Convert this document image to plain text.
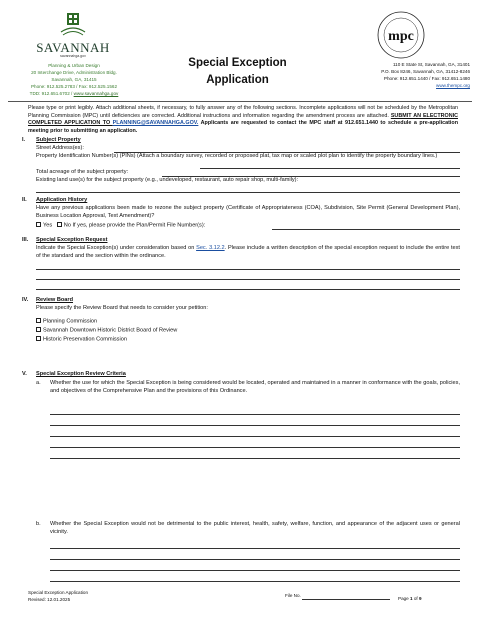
SAVANNAH
savannahga.gov
Planning & Urban Design
20 Interchange Drive, Administration Bldg.
Savannah, GA, 31415
Phone: 912.525.2783 / Fax: 912.525.1562
TDD: 912.651.6702 / www.savannahga.gov
Special Exception
Application
mpc
110 E State St, Savannah, GA, 31401
P.O. Box 8246, Savannah, GA, 31412-8246
Phone: 912.651.1440 / Fax: 912.651.1480
www.thempc.org
Please type or print legibly. Attach additional sheets, if necessary, to fully answer any of the following sections. Incomplete applications will not be scheduled by the Metropolitan Planning Commission (MPC) until deficiencies are corrected. Additional instructions and information regarding the amendment process are attached. SUBMIT AN ELECTRONIC COMPLETED APPLICATION TO PLANNING@SAVANNAHGA.GOV. Applicants are requested to contact the MPC staff at 912.651.1440 to schedule a pre-application meeting prior to submitting an application.
I. Subject Property
Street Address(es):
Property Identification Number(s) (PINs) (Attach a boundary survey, recorded or proposed plat, tax map or scaled plot plan to identify the property boundary lines.)
Total acreage of the subject property:
Existing land use(s) for the subject property (e.g., undeveloped, restaurant, auto repair shop, multi-family):
II. Application History
Have any previous applications been made to rezone the subject property (Certificate of Appropriateness (COA), Subdivision, Site Permit (General Development Plan), Business Location Approval, Text Amendment)?
Yes No If yes, please provide the Plan/Permit File Number(s):
III. Special Exception Request
Indicate the Special Exception(s) under consideration based on Sec. 3.12.2. Please include a written description of the special exception request to include the entire text of the standard and the section within the ordinance.
IV. Review Board
Please specify the Review Board that needs to consider your petition:
Planning Commission
Savannah Downtown Historic District Board of Review
Historic Preservation Commission
V. Special Exception Review Criteria
a. Whether the use for which the Special Exception is being considered would be located, operated and maintained in a manner in conformance with the goals, policies, and objectives of the Comprehensive Plan and the provisions of this Ordinance.
b. Whether the Special Exception would not be detrimental to the public interest, health, safety, welfare, function, and appearance of the adjacent uses or general vicinity.
Special Exception Application
Revised: 12.01.2025
File No.
Page 1 of 9
